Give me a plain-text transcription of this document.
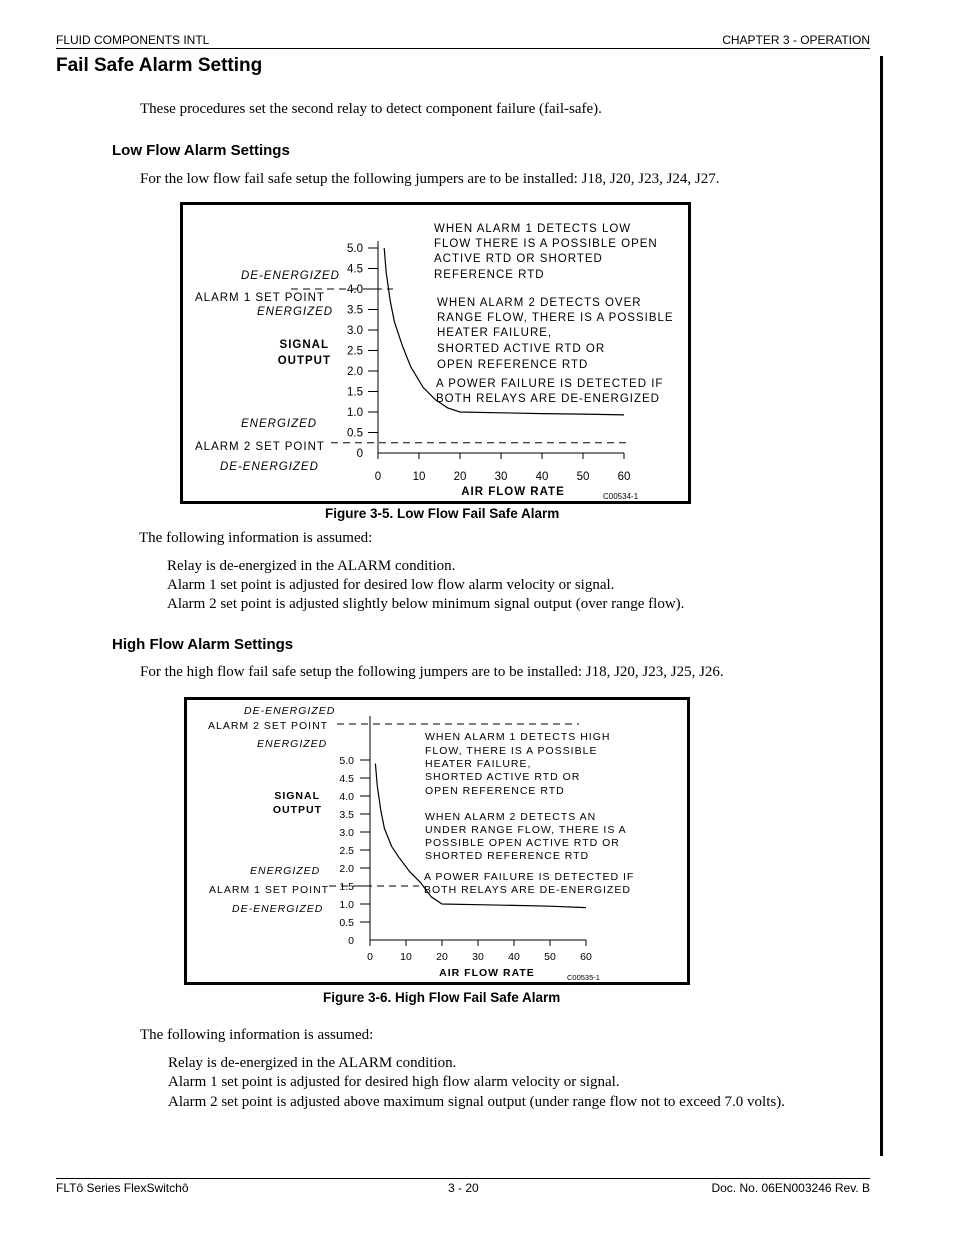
FLUID COMPONENTS INTL	CHAPTER 3 - OPERATION
Fail Safe Alarm Setting
These procedures set the second relay to detect component failure (fail-safe).
Low Flow Alarm Settings
For the low flow fail safe setup the following jumpers are to be installed: J18, J20, J23, J24, J27.
DE-ENERGIZED
ALARM 1 SET POINT
ENERGIZED
SIGNAL
OUTPUT
ENERGIZED
ALARM 2 SET POINT
DE-ENERGIZED
AIR FLOW RATE	C00534-1
WHEN ALARM 1 DETECTS LOW
FLOW THERE IS A POSSIBLE OPEN
ACTIVE RTD OR SHORTED
REFERENCE RTD
WHEN ALARM 2 DETECTS OVER
RANGE FLOW, THERE IS A POSSIBLE
HEATER FAILURE,
SHORTED ACTIVE RTD OR
OPEN REFERENCE RTD
A POWER FAILURE IS DETECTED IF
BOTH RELAYS ARE DE-ENERGIZED
0
0.5
1.0
1.5
2.0
2.5
3.0
3.5
4.0
4.5
5.0
0	10 20 30 40 50 60
Figure 3-5. Low Flow Fail Safe Alarm
The following information is assumed:
Relay is de-energized in the ALARM condition.
Alarm 1 set point is adjusted for desired low flow alarm velocity or signal.
Alarm 2 set point is adjusted slightly below minimum signal output (over range flow).
High Flow Alarm Settings
For the high flow fail safe setup the following jumpers are to be installed: J18, J20, J23, J25, J26.
DE-ENERGIZED
ALARM 2 SET POINT
ENERGIZED
SIGNAL
OUTPUT
ENERGIZED
ALARM 1 SET POINT
DE-ENERGIZED
AIR FLOW RATE	C00535-1
WHEN ALARM 1 DETECTS HIGH
FLOW, THERE IS A POSSIBLE
HEATER FAILURE,
SHORTED ACTIVE RTD OR
OPEN REFERENCE RTD
WHEN ALARM 2 DETECTS AN
UNDER RANGE FLOW, THERE IS A
POSSIBLE OPEN ACTIVE RTD OR
SHORTED REFERENCE RTD
A POWER FAILURE IS DETECTED IF
BOTH RELAYS ARE DE-ENERGIZED
0
0.5
1.0
1.5
2.0
2.5
3.0
3.5
4.0
4.5
5.0
0	10 20 30 40 50 60
Figure 3-6. High Flow Fail Safe Alarm
The following information is assumed:
Relay is de-energized in the ALARM condition.
Alarm 1 set point is adjusted for desired high flow alarm velocity or signal.
Alarm 2 set point is adjusted above maximum signal output (under range flow not to exceed 7.0 volts).
FLTô Series FlexSwitchô	3 - 20	Doc. No. 06EN003246 Rev. B
